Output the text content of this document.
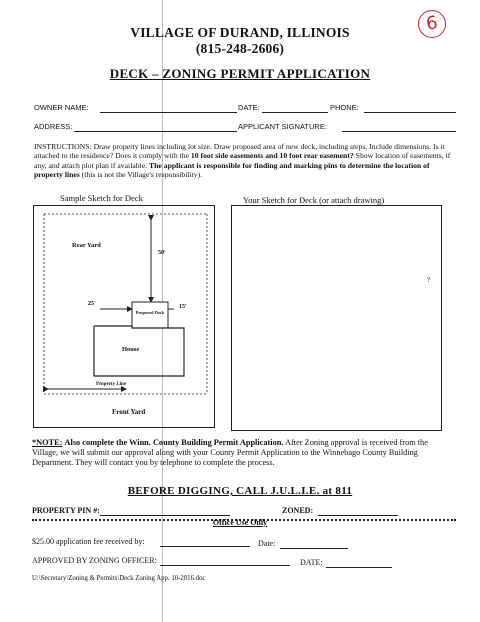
VILLAGE OF DURAND, ILLINOIS
(815-248-2606)
6
DECK – ZONING PERMIT APPLICATION
OWNER NAME:	DATE:	PHONE:
ADDRESS:	APPLICANT SIGNATURE:
INSTRUCTIONS: Draw property lines including lot size. Draw proposed area of new deck, including steps. Include dimensions. Is it attached to the residence? Does it comply with the 10 foot side easements and 10 foot rear easement? Show location of easements, if any, and attach plot plan if available. The applicant is responsible for finding and marking pins to determine the location of property lines (this is not the Village's responsibility).
Sample Sketch for Deck	Your Sketch for Deck (or attach drawing)
Rear Yard
50'
25'	15'
Proposed Deck
House
Property Line
Front Yard
?
*NOTE: Also complete the Winn. County Building Permit Application. After Zoning approval is received from the Village, we will submit our approval along with your County Permit Application to the Winnebago County Building Department. They will contact you by telephone to complete the process.
BEFORE DIGGING, CALL J.U.L.I.E. at 811
PROPERTY PIN #:	ZONED:
Office Use Only
$25.00 application fee received by:	Date:
APPROVED BY ZONING OFFICER:	DATE:
U:\Secretary\Zoning & Permits\Deck Zoning App. 10-2016.doc
